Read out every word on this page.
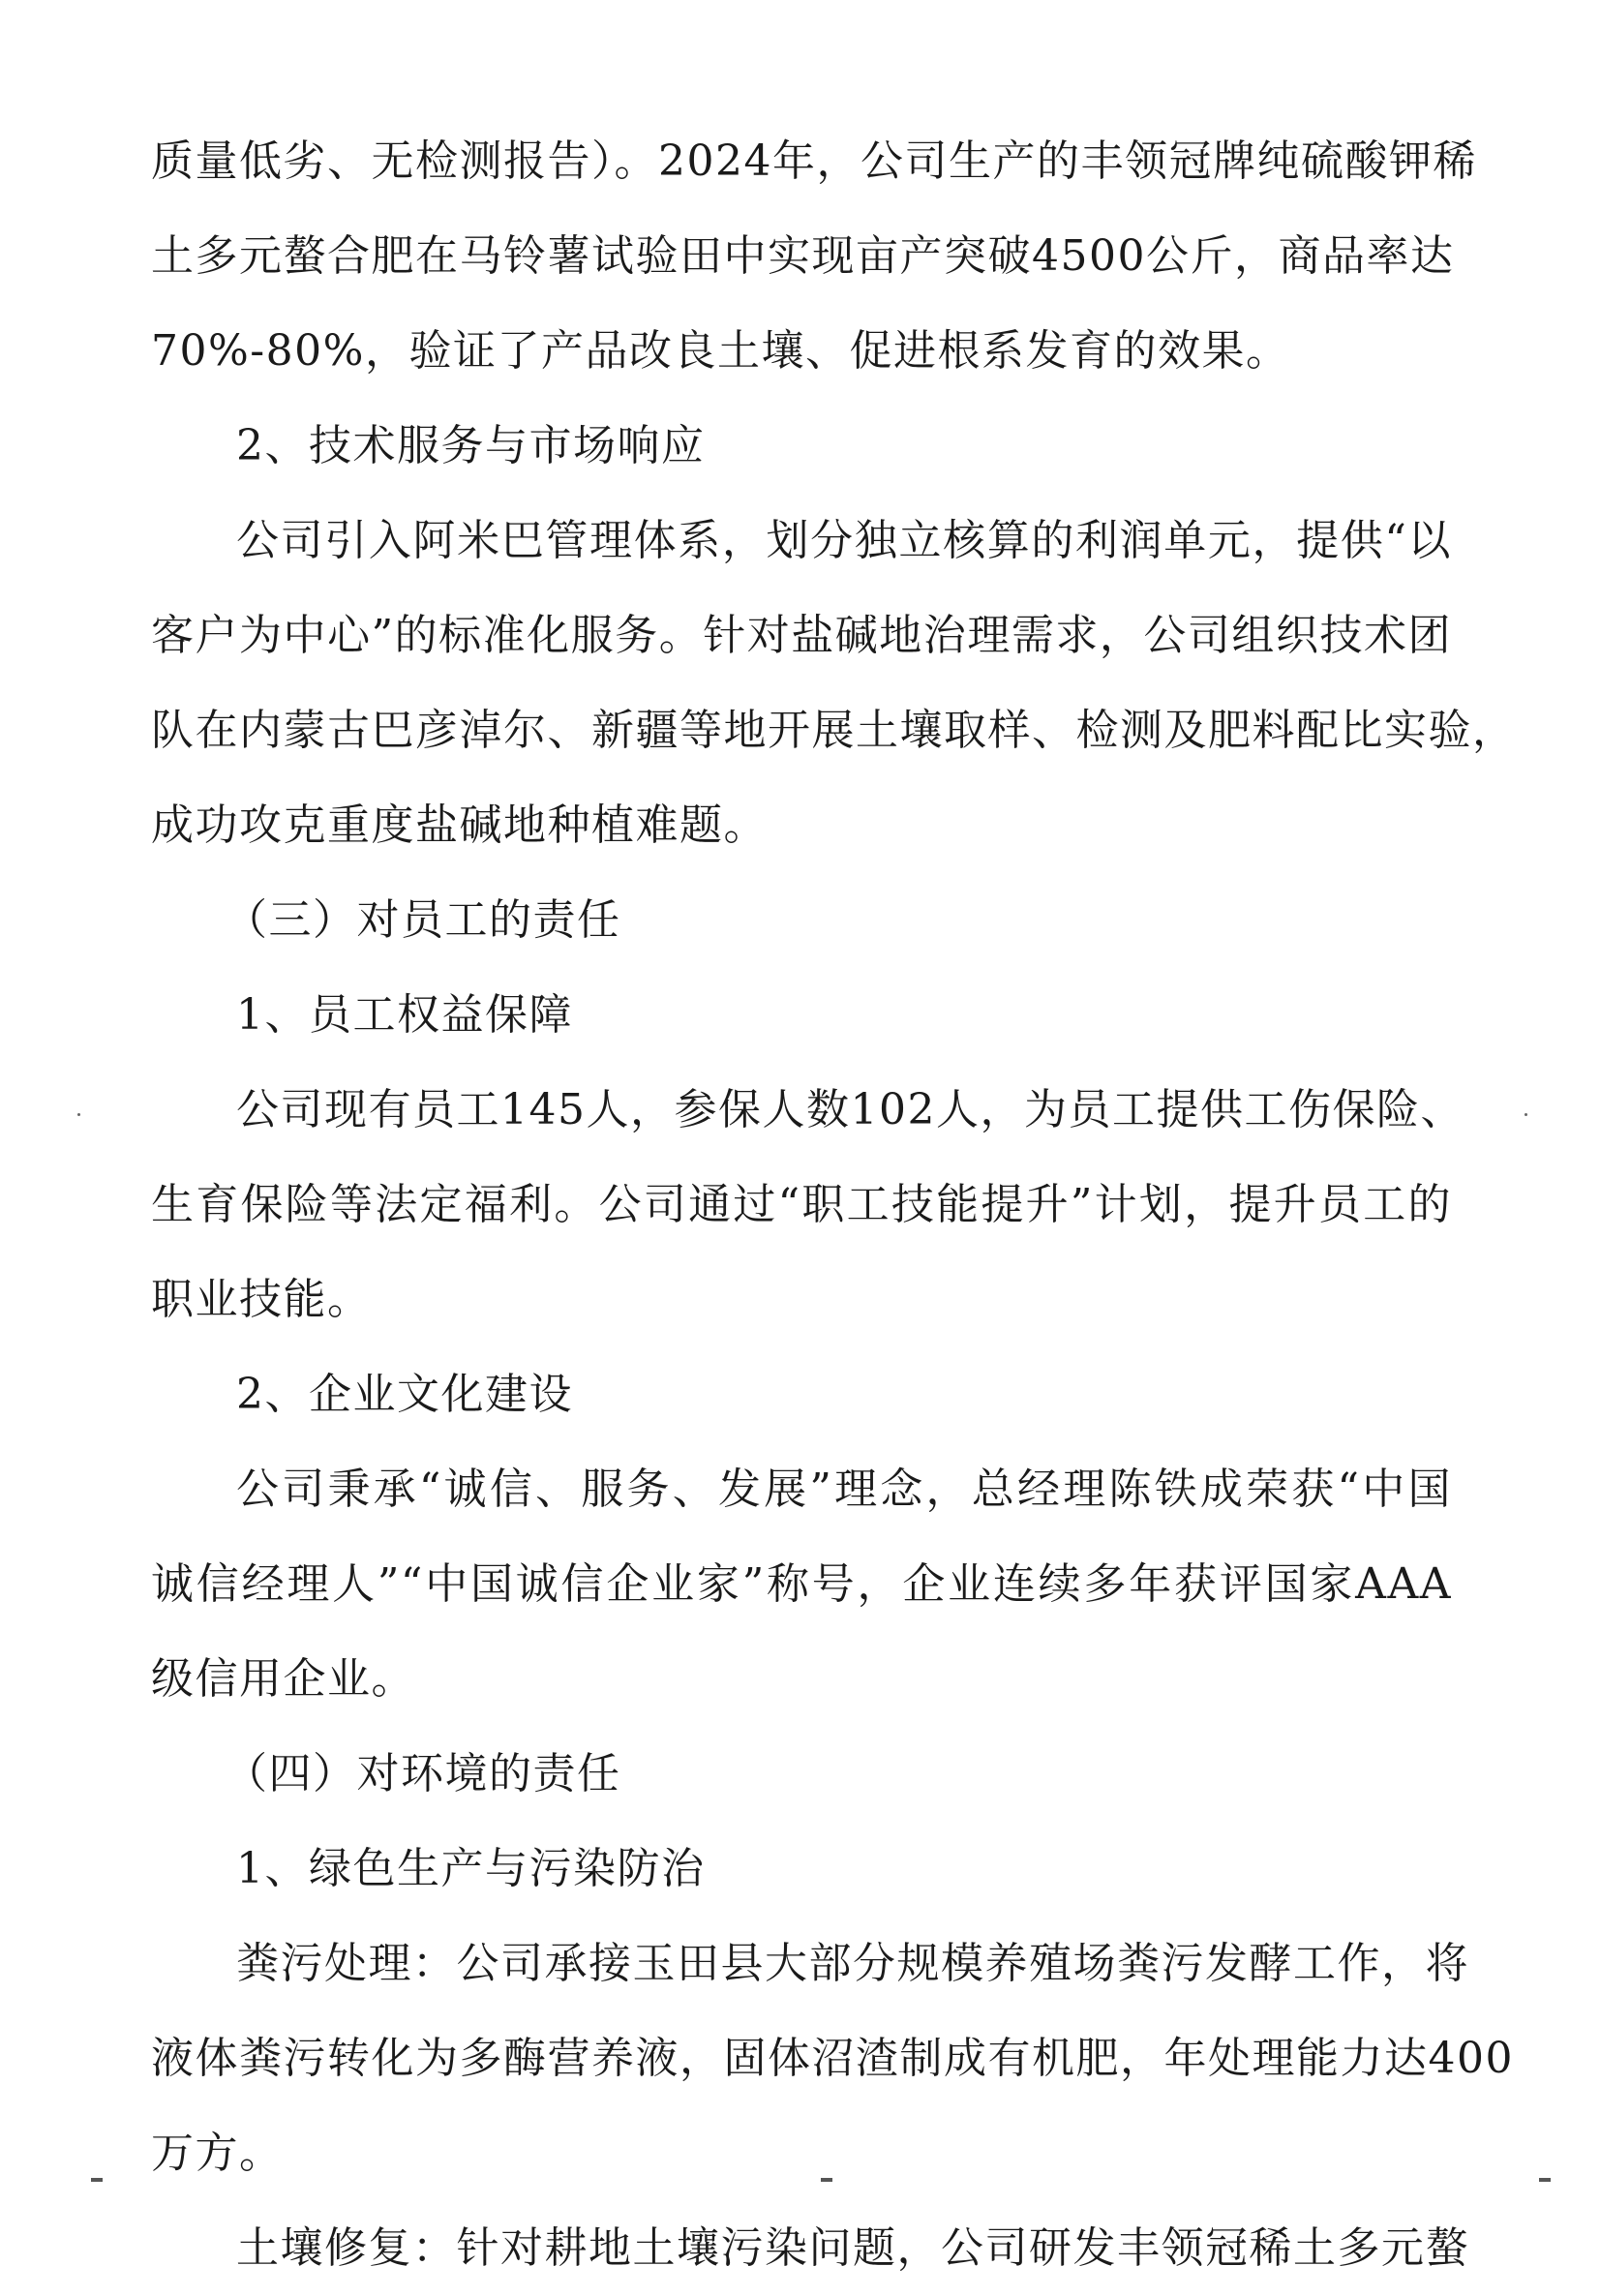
质量低劣、无检测报告）。2024年，公司生产的丰领冠牌纯硫酸钾稀

土多元螯合肥在马铃薯试验田中实现亩产突破4500公斤，商品率达

70%-80%，验证了产品改良土壤、促进根系发育的效果。

2、技术服务与市场响应

公司引入阿米巴管理体系，划分独立核算的利润单元，提供“以

客户为中心”的标准化服务。针对盐碱地治理需求，公司组织技术团

队在内蒙古巴彦淖尔、新疆等地开展土壤取样、检测及肥料配比实验，

成功攻克重度盐碱地种植难题。

（三）对员工的责任

1、员工权益保障

公司现有员工145人，参保人数102人，为员工提供工伤保险、

生育保险等法定福利。公司通过“职工技能提升”计划，提升员工的

职业技能。

2、企业文化建设

公司秉承“诚信、服务、发展”理念，总经理陈铁成荣获“中国

诚信经理人”“中国诚信企业家”称号，企业连续多年获评国家AAA

级信用企业。

（四）对环境的责任

1、绿色生产与污染防治

粪污处理：公司承接玉田县大部分规模养殖场粪污发酵工作，将

液体粪污转化为多酶营养液，固体沼渣制成有机肥，年处理能力达400

万方。

土壤修复：针对耕地土壤污染问题，公司研发丰领冠稀土多元螯
